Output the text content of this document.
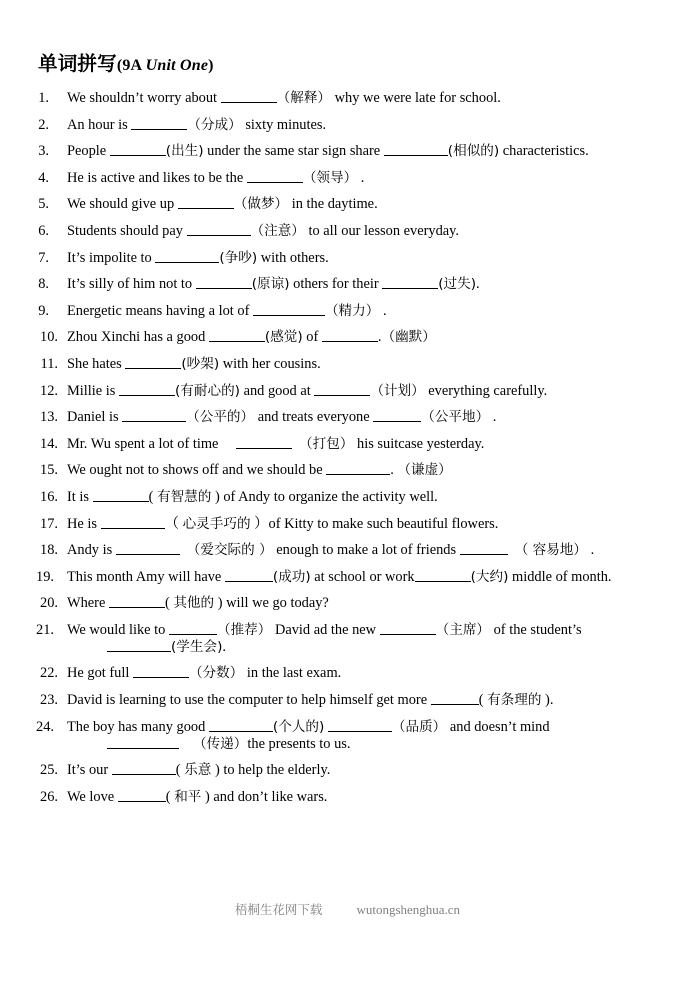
单词拼写(9A Unit One)
1. We shouldn’t worry about	（解释） why we were late for school.
2. An hour is	（分成） sixty minutes.
3. People	(出生) under the same star sign share	(相似的) characteristics.
4. He is active and likes to be the	（领导） .
5. We should give up	（做梦） in the daytime.
6. Students should pay	（注意） to all our lesson everyday.
7. It’s impolite to	(争吵) with others.
8. It’s silly of him not to	(原谅) others for their	(过失).
9. Energetic means having a lot of	（精力） .
10. Zhou Xinchi has a good	(感觉) of	.（幽默）
11. She hates	(吵架) with her cousins.
12. Millie is	(有耐心的) and good at	（计划） everything carefully.
13. Daniel is	（公平的） and treats everyone	（公平地） .
14. Mr. Wu spent a lot of time	（打包） his suitcase yesterday.
15. We ought not to shows off and we should be	. （谦虚）
16. It is	( 有智慧的 ) of Andy to organize the activity well.
17. He is	（ 心灵手巧的 ）of Kitty to make such beautiful flowers.
18. Andy is	（爱交际的 ） enough to make a lot of friends	（ 容易地） .
19. This month Amy will have	(成功) at school or work	(大约) middle of month.
20. Where	( 其他的 ) will we go today?
21. We would like to	（推荐） David ad the new	（主席） of the student’s
(学生会).
22. He got full	（分数） in the last exam.
23. David is learning to use the computer to help himself get more	( 有条理的 ).
24. The boy has many good	(个人的)	（品质） and doesn’t mind
（传递）the presents to us.
25. It’s our	( 乐意 ) to help the elderly.
26. We love	( 和平 ) and don’t like wars.
梧桐生花网下载	wutongshenghua.cn
